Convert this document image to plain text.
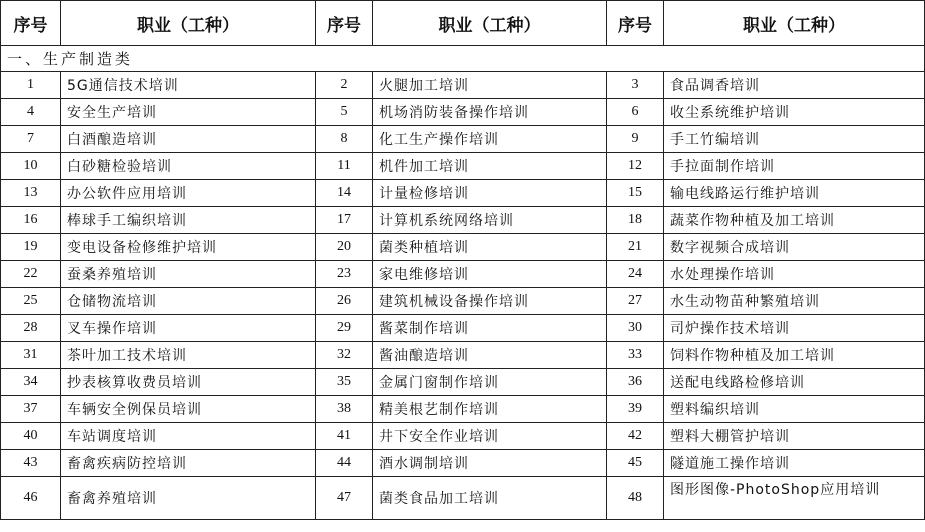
序号	职业（工种）	序号	职业（工种）	序号	职业（工种）
一、生产制造类					
1	5G通信技术培训	2	火腿加工培训	3	食品调香培训
4	安全生产培训	5	机场消防装备操作培训	6	收尘系统维护培训
7	白酒酿造培训	8	化工生产操作培训	9	手工竹编培训
10	白砂糖检验培训	11	机件加工培训	12	手拉面制作培训
13	办公软件应用培训	14	计量检修培训	15	输电线路运行维护培训
16	棒球手工编织培训	17	计算机系统网络培训	18	蔬菜作物种植及加工培训
19	变电设备检修维护培训	20	菌类种植培训	21	数字视频合成培训
22	蚕桑养殖培训	23	家电维修培训	24	水处理操作培训
25	仓储物流培训	26	建筑机械设备操作培训	27	水生动物苗种繁殖培训
28	叉车操作培训	29	酱菜制作培训	30	司炉操作技术培训
31	茶叶加工技术培训	32	酱油酿造培训	33	饲料作物种植及加工培训
34	抄表核算收费员培训	35	金属门窗制作培训	36	送配电线路检修培训
37	车辆安全例保员培训	38	精美根艺制作培训	39	塑料编织培训
40	车站调度培训	41	井下安全作业培训	42	塑料大棚管护培训
43	畜禽疾病防控培训	44	酒水调制培训	45	隧道施工操作培训
46	畜禽养殖培训	47	菌类食品加工培训	48	图形图像-PhotoShop应用培训
